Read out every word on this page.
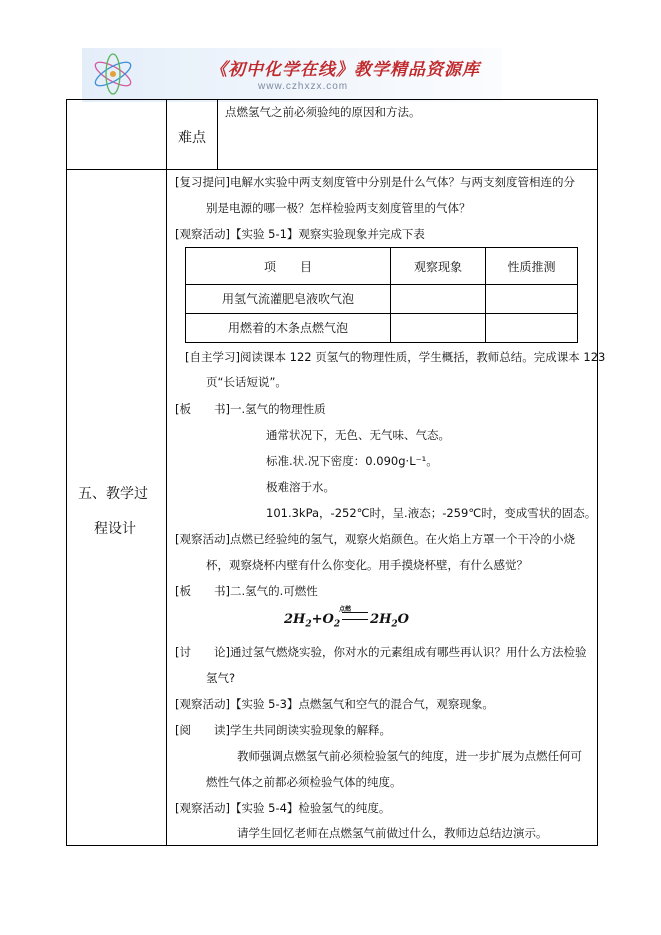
《初中化学在线》教学精品资源库
www.czhxzx.com
难点
点燃氢气之前必须验纯的原因和方法。
五、教学过
程设计
[复习提问]电解水实验中两支刻度管中分别是什么气体？与两支刻度管相连的分
别是电源的哪一极？怎样检验两支刻度管里的气体？
[观察活动]【实验 5-1】观察实验现象并完成下表
项　　目	观察现象	性质推测
用氢气流灌肥皂液吹气泡
用燃着的木条点燃气泡
[自主学习]阅读课本 122 页氢气的物理性质，学生概括，教师总结。完成课本 123
页“长话短说”。
[板　　书]一.氢气的物理性质
通常状况下，无色、无气味、气态。
标准.状.况下密度：0.090g·L⁻¹。
极难溶于水。
101.3kPa，-252℃时，呈.液态；-259℃时，变成雪状的固态。
[观察活动]点燃已经验纯的氢气，观察火焰颜色。在火焰上方罩一个干冷的小烧
杯，观察烧杯内壁有什么你变化。用手摸烧杯壁，有什么感觉？
[板　　书]二.氢气的.可燃性
点燃
$2H_2+O_2$ $2H_2O$
[讨　　论]通过氢气燃烧实验，你对水的元素组成有哪些再认识？用什么方法检验
氢气?
[观察活动]【实验 5-3】点燃氢气和空气的混合气，观察现象。
[阅　　读]学生共同朗读实验现象的解释。
教师强调点燃氢气前必须检验氢气的纯度，进一步扩展为点燃任何可
燃性气体之前都必须检验气体的纯度。
[观察活动]【实验 5-4】检验氢气的纯度。
请学生回忆老师在点燃氢气前做过什么，教师边总结边演示。
